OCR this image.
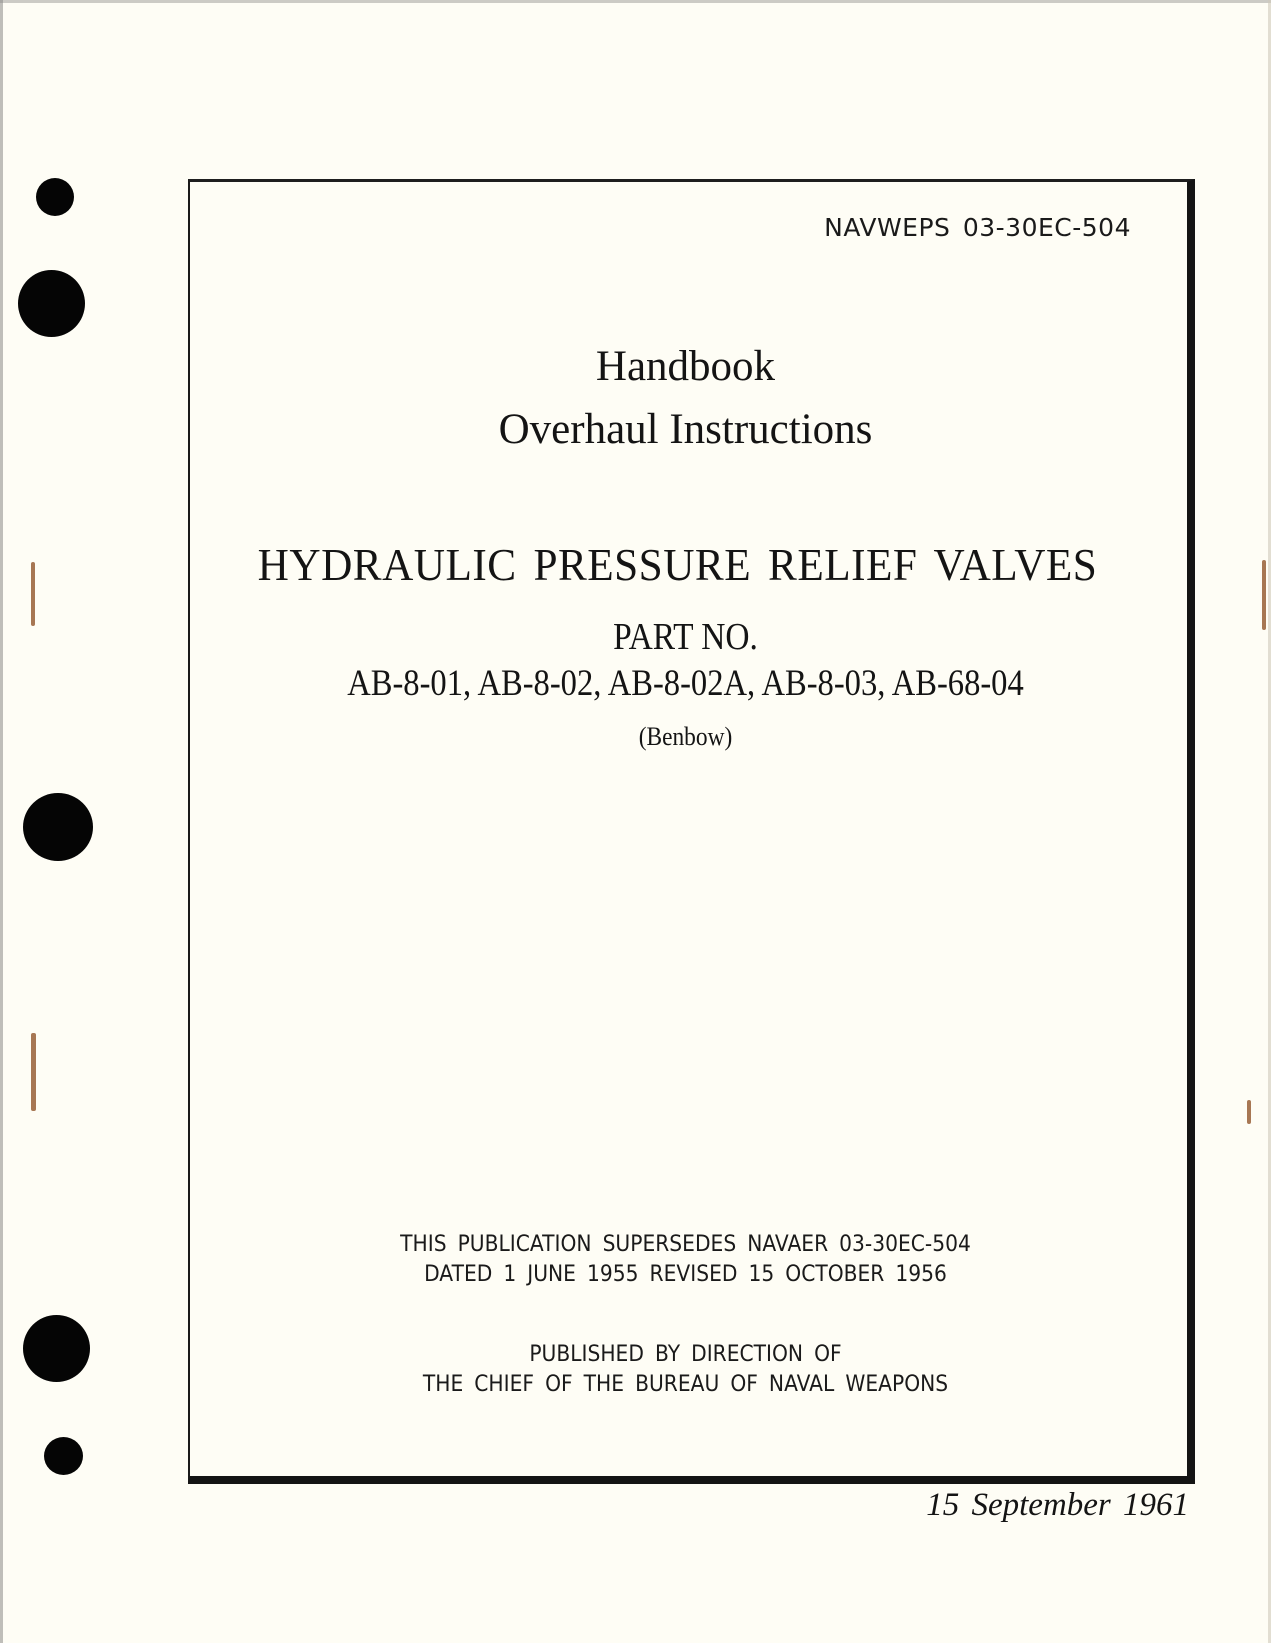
NAVWEPS 03-30EC-504
Handbook
Overhaul Instructions
HYDRAULIC PRESSURE RELIEF VALVES
PART NO.
AB-8-01, AB-8-02, AB-8-02A, AB-8-03, AB-68-04
(Benbow)
THIS PUBLICATION SUPERSEDES NAVAER 03-30EC-504
DATED 1 JUNE 1955 REVISED 15 OCTOBER 1956
PUBLISHED BY DIRECTION OF
THE CHIEF OF THE BUREAU OF NAVAL WEAPONS
15 September 1961
